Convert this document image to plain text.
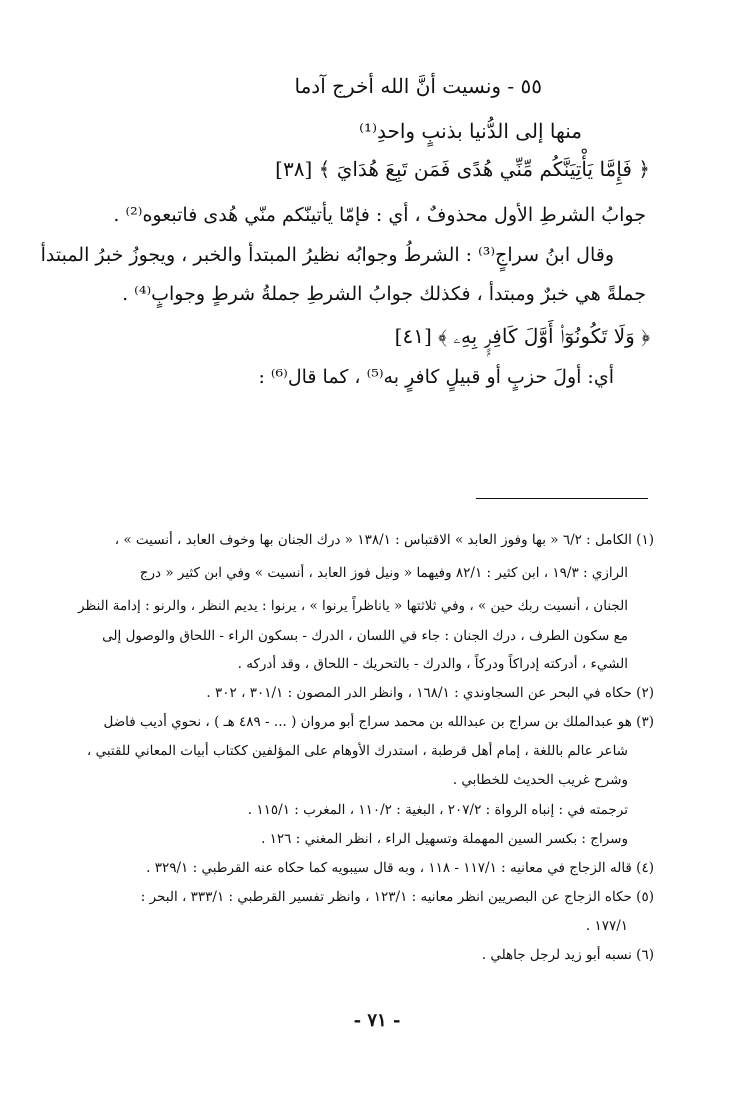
٥٥ - ونسيت أنَّ الله أخرج آدما
منها إلى الدُّنيا بذنبٍ واحدِ⁽¹⁾
﴿ فَإِمَّا يَأْتِيَنَّكُم مِّنِّي هُدًى فَمَن تَبِعَ هُدَايَ ﴾ [٣٨]
جوابُ الشرطِ الأول محذوفٌ ، أي : فإمّا يأتينّكم منّي هُدى فاتبعوه⁽²⁾ .
وقال ابنُ سراجٍ⁽³⁾ : الشرطُ وجوابُه نظيرُ المبتدأ والخبر ، ويجوزُ خبرُ المبتدأ
جملةً هي خبرٌ ومبتدأ ، فكذلك جوابُ الشرطِ جملةُ شرطٍ وجوابٍ⁽⁴⁾ .
﴿ وَلَا تَكُونُوٓا۟ أَوَّلَ كَافِرٍۭ بِهِۦ ﴾ [٤١]
أي: أولَ حزبٍ أو قبيلٍ كافرٍ به⁽⁵⁾ ، كما قال⁽⁶⁾ :
(١) الكامل : ٦/٢ « بها وفوز العابد » الاقتباس : ١٣٨/١ « درك الجنان بها وخوف العابد ، أنسيت » ،
الرازي : ١٩/٣ ، ابن كثير : ٨٢/١ وفيهما « ونيل فوز العابد ، أنسيت » وفي ابن كثير « درج
الجنان ، أنسيت ربك حين » ، وفي ثلاثتها « ياناظراً يرنوا » ، يرنوا : يديم النظر ، والرنو : إدامة النظر
مع سكون الطرف ، درك الجنان : جاء في اللسان ، الدرك - بسكون الراء - اللحاق والوصول إلى
الشيء ، أدركته إدراكاً ودركاً ، والدرك - بالتحريك - اللحاق ، وقد أدركه .
(٢) حكاه في البحر عن السجاوندي : ١٦٨/١ ، وانظر الدر المصون : ٣٠١/١ ، ٣٠٢ .
(٣) هو عبدالملك بن سراج بن عبدالله بن محمد سراج أبو مروان ( ... - ٤٨٩ هـ ) ، نحوي أديب فاضل
شاعر عالم باللغة ، إمام أهل قرطبة ، استدرك الأوهام على المؤلفين ككتاب أبيات المعاني للقتبي ،
وشرح غريب الحديث للخطابي .
ترجمته في : إنباه الرواة : ٢٠٧/٢ ، البغية : ١١٠/٢ ، المغرب : ١١٥/١ .
وسراج : بكسر السين المهملة وتسهيل الراء ، انظر المغني : ١٢٦ .
(٤) قاله الزجاج في معانيه : ١١٧/١ - ١١٨ ، وبه قال سيبويه كما حكاه عنه القرطبي : ٣٢٩/١ .
(٥) حكاه الزجاج عن البصريين انظر معانيه : ١٢٣/١ ، وانظر تفسير القرطبي : ٣٣٣/١ ، البحر :
١٧٧/١ .
(٦) نسبه أبو زيد لرجل جاهلي .
- ٧١ -
